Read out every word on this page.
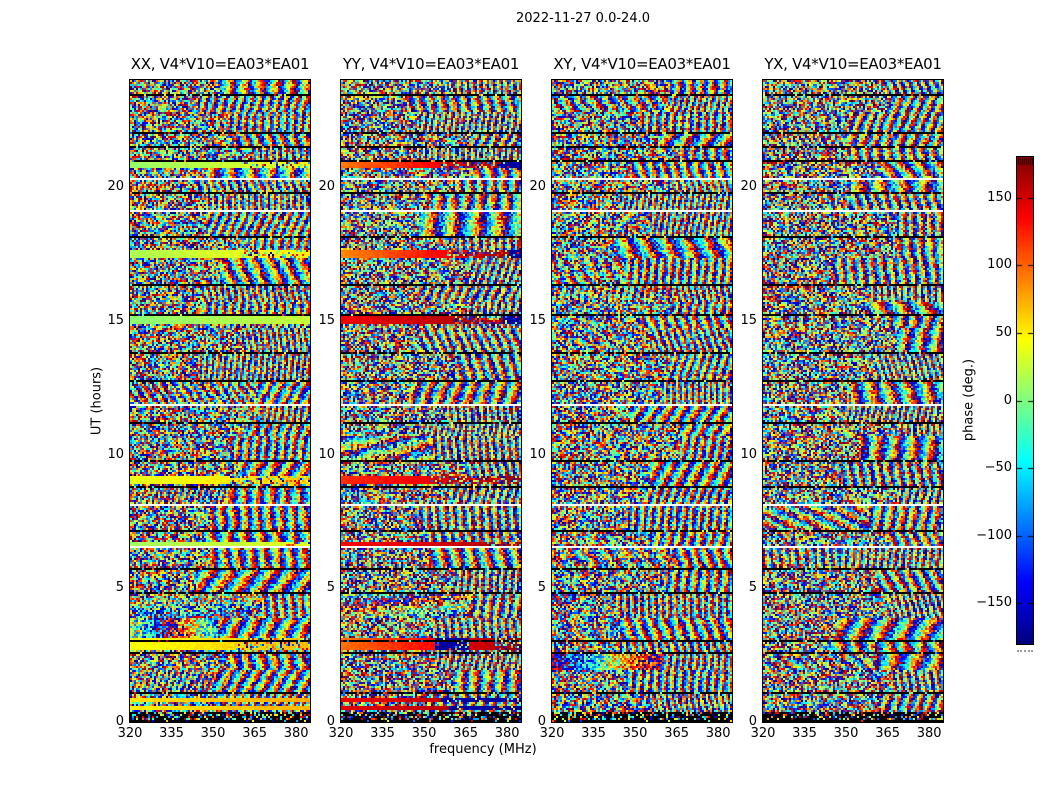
2022-11-27 0.0-24.0
XX, V4*V10=EA03*EA01 YY, V4*V10=EA03*EA01 XY, V4*V10=EA03*EA01 YX, V4*V10=EA03*EA01
frequency (MHz)
UT (hours)	phase (deg.)
0
5
10
15
20
320	335	350	365	380
0
5
10
15
20
320	335	350	365	380
0
5
10
15
20
320	335	350	365	380
0
5
10
15
20
320	335	350	365	380
150
100
50
0
−50
−100
−150
